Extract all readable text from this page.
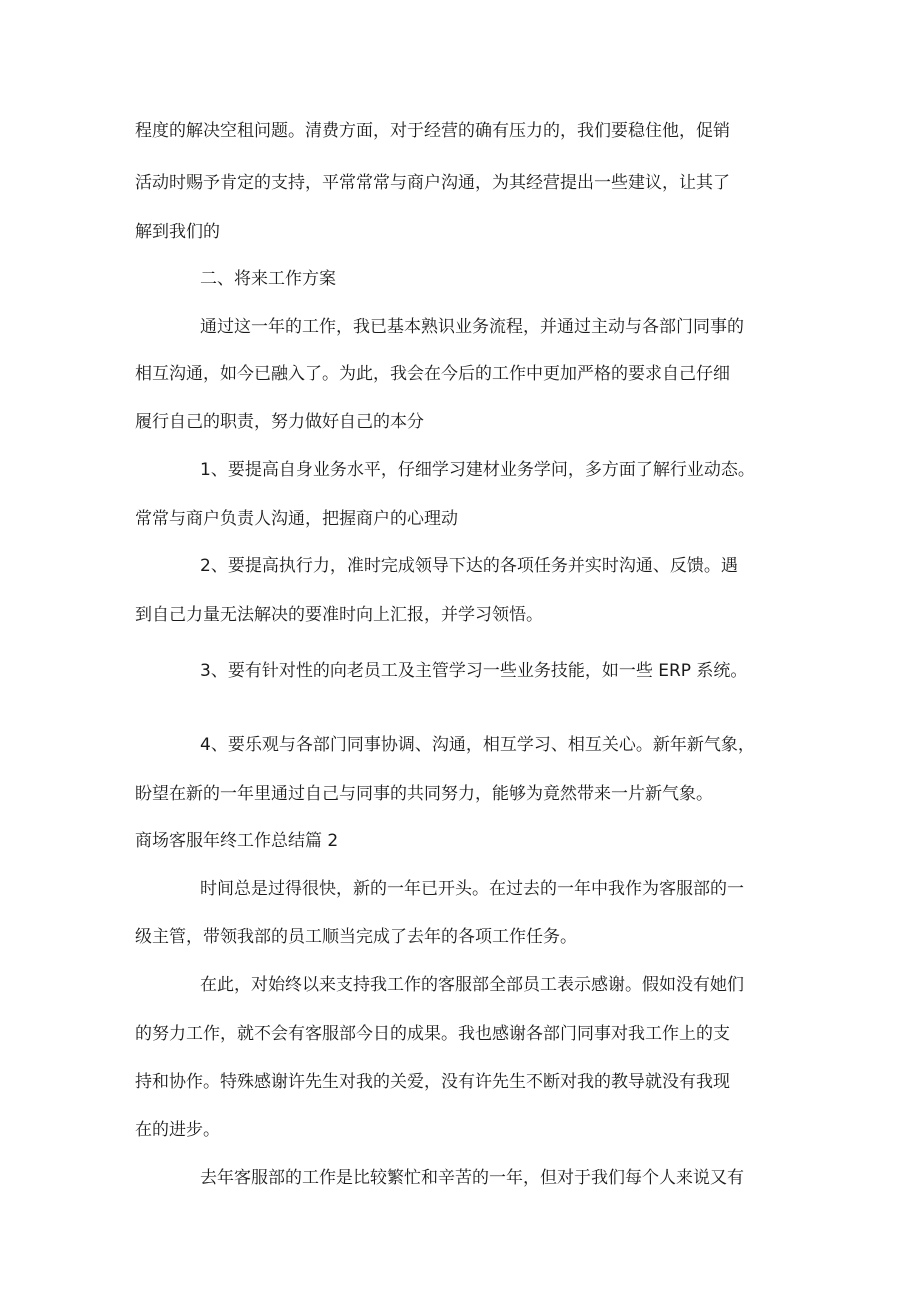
程度的解决空租问题。清费方面，对于经营的确有压力的，我们要稳住他，促销
活动时赐予肯定的支持，平常常常与商户沟通，为其经营提出一些建议，让其了
解到我们的
二、将来工作方案
通过这一年的工作，我已基本熟识业务流程，并通过主动与各部门同事的
相互沟通，如今已融入了。为此，我会在今后的工作中更加严格的要求自己仔细
履行自己的职责，努力做好自己的本分
1、要提高自身业务水平，仔细学习建材业务学问，多方面了解行业动态。
常常与商户负责人沟通，把握商户的心理动
2、要提高执行力，准时完成领导下达的各项任务并实时沟通、反馈。遇
到自己力量无法解决的要准时向上汇报，并学习领悟。
3、要有针对性的向老员工及主管学习一些业务技能，如一些 ERP 系统。
4、要乐观与各部门同事协调、沟通，相互学习、相互关心。新年新气象，
盼望在新的一年里通过自己与同事的共同努力，能够为竟然带来一片新气象。
商场客服年终工作总结篇 2
时间总是过得很快，新的一年已开头。在过去的一年中我作为客服部的一
级主管，带领我部的员工顺当完成了去年的各项工作任务。
在此，对始终以来支持我工作的客服部全部员工表示感谢。假如没有她们
的努力工作，就不会有客服部今日的成果。我也感谢各部门同事对我工作上的支
持和协作。特殊感谢许先生对我的关爱，没有许先生不断对我的教导就没有我现
在的进步。
去年客服部的工作是比较繁忙和辛苦的一年，但对于我们每个人来说又有
